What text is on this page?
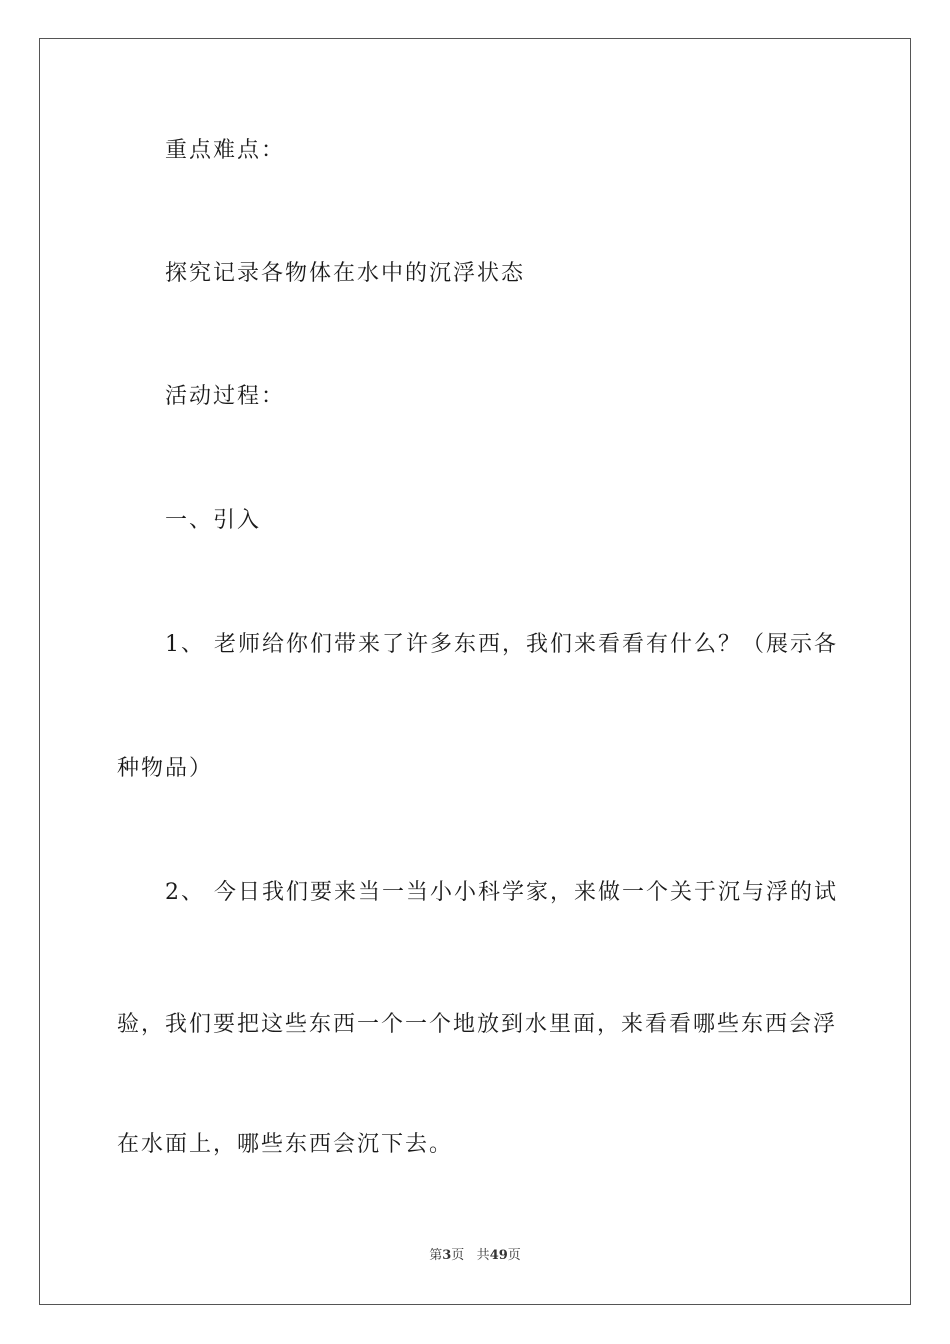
重点难点：
探究记录各物体在水中的沉浮状态
活动过程：
一、引入
1、 老师给你们带来了许多东西，我们来看看有什么？（展示各
种物品）
2、 今日我们要来当一当小小科学家，来做一个关于沉与浮的试
验，我们要把这些东西一个一个地放到水里面，来看看哪些东西会浮
在水面上，哪些东西会沉下去。
第3页 共49页
